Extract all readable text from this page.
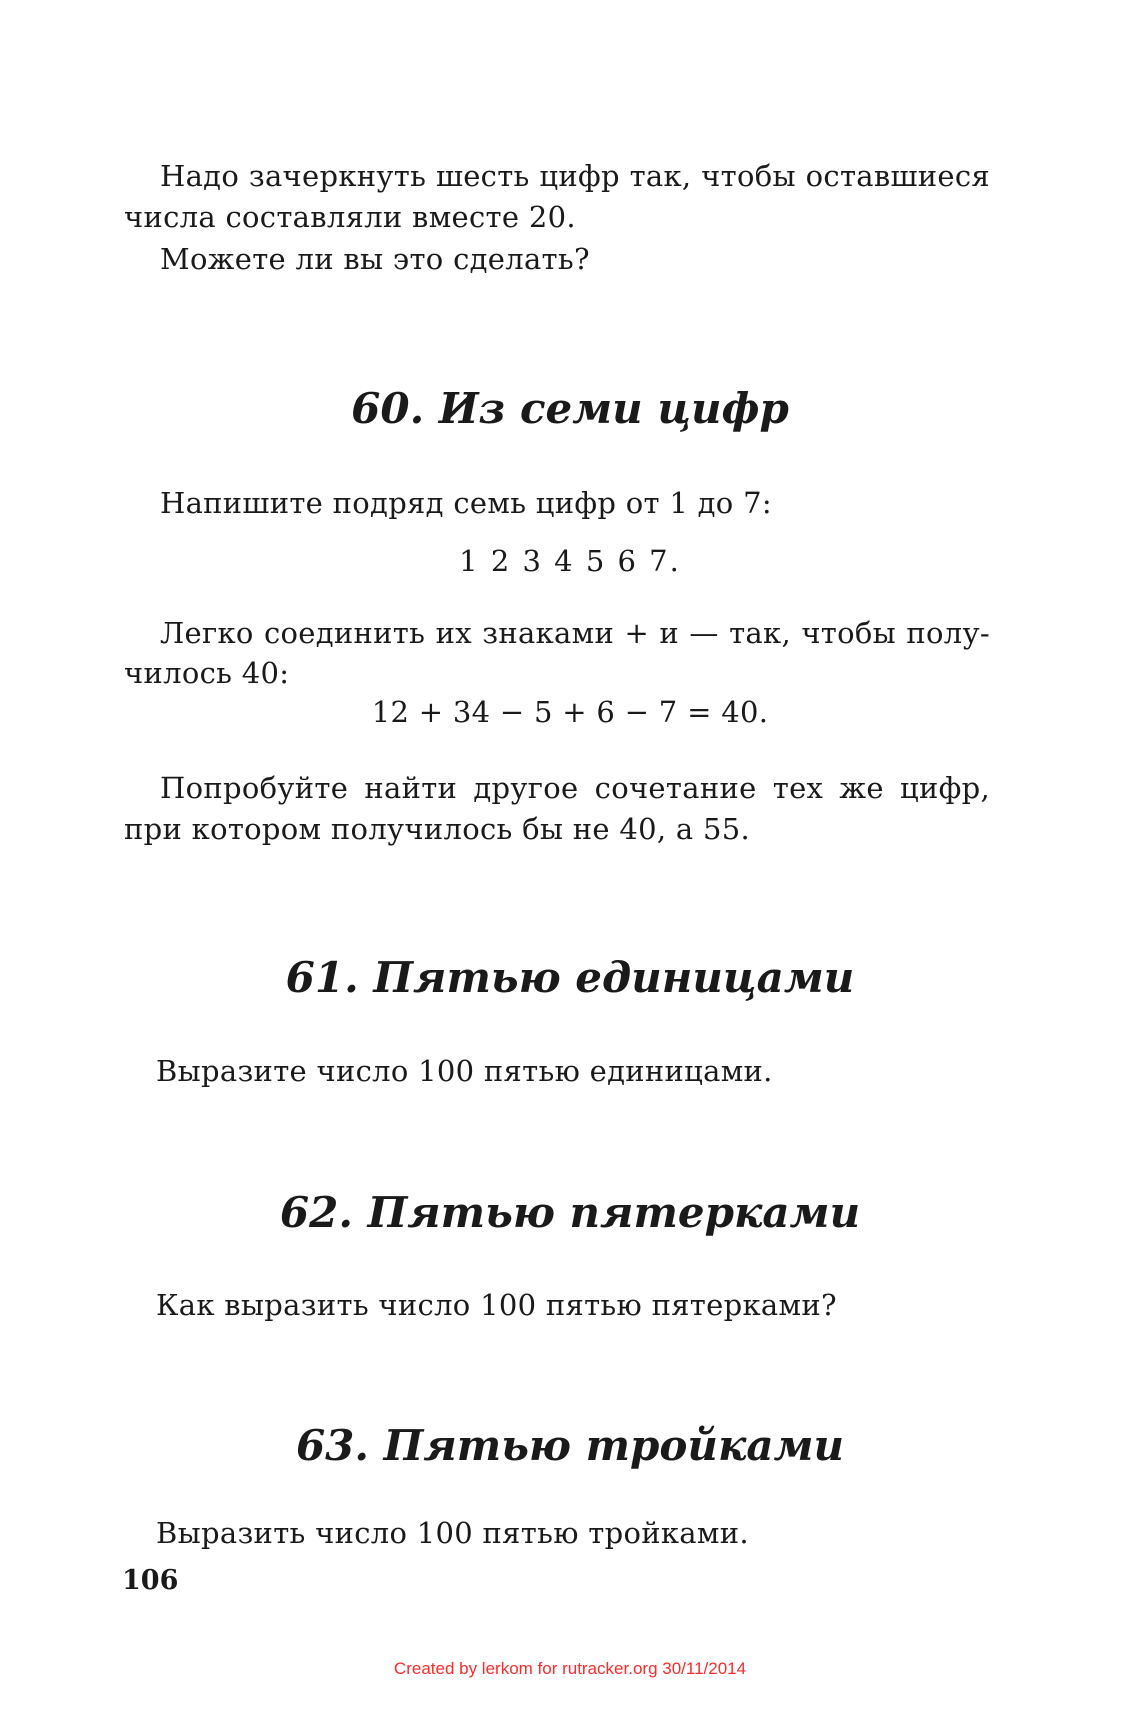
Надо зачеркнуть шесть цифр так, чтобы оставшиеся
числа составляли вместе 20.
Можете ли вы это сделать?
60. Из семи цифр
Напишите подряд семь цифр от 1 до 7:
1 2 3 4 5 6 7.
Легко соединить их знаками + и — так, чтобы полу-
чилось 40:
12 + 34 − 5 + 6 − 7 = 40.
Попробуйте найти другое сочетание тех же цифр,
при котором получилось бы не 40, а 55.
61. Пятью единицами
Выразите число 100 пятью единицами.
62. Пятью пятерками
Как выразить число 100 пятью пятерками?
63. Пятью тройками
Выразить число 100 пятью тройками.
106
Created by lerkom for rutracker.org 30/11/2014
